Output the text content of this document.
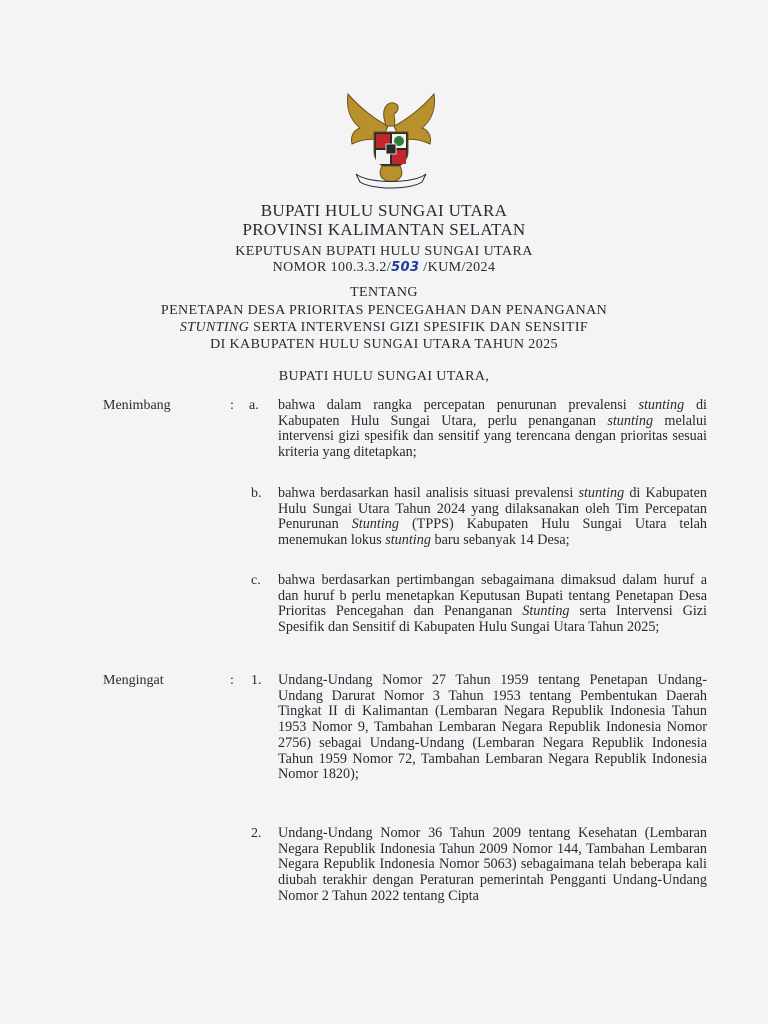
BUPATI HULU SUNGAI UTARA
PROVINSI KALIMANTAN SELATAN
KEPUTUSAN BUPATI HULU SUNGAI UTARA
NOMOR 100.3.3.2/503 /KUM/2024
TENTANG
PENETAPAN DESA PRIORITAS PENCEGAHAN DAN PENANGANAN
STUNTING SERTA INTERVENSI GIZI SPESIFIK DAN SENSITIF
DI KABUPATEN HULU SUNGAI UTARA TAHUN 2025
BUPATI HULU SUNGAI UTARA,
Menimbang	: a. bahwa dalam rangka percepatan penurunan prevalensi stunting di Kabupaten Hulu Sungai Utara, perlu penanganan stunting melalui intervensi gizi spesifik dan sensitif yang terencana dengan prioritas sesuai kriteria yang ditetapkan;
b. bahwa berdasarkan hasil analisis situasi prevalensi stunting di Kabupaten Hulu Sungai Utara Tahun 2024 yang dilaksanakan oleh Tim Percepatan Penurunan Stunting (TPPS) Kabupaten Hulu Sungai Utara telah menemukan lokus stunting baru sebanyak 14 Desa;
c. bahwa berdasarkan pertimbangan sebagaimana dimaksud dalam huruf a dan huruf b perlu menetapkan Keputusan Bupati tentang Penetapan Desa Prioritas Pencegahan dan Penanganan Stunting serta Intervensi Gizi Spesifik dan Sensitif di Kabupaten Hulu Sungai Utara Tahun 2025;
Mengingat	: 1. Undang-Undang Nomor 27 Tahun 1959 tentang Penetapan Undang-Undang Darurat Nomor 3 Tahun 1953 tentang Pembentukan Daerah Tingkat II di Kalimantan (Lembaran Negara Republik Indonesia Tahun 1953 Nomor 9, Tambahan Lembaran Negara Republik Indonesia Nomor 2756) sebagai Undang-Undang (Lembaran Negara Republik Indonesia Tahun 1959 Nomor 72, Tambahan Lembaran Negara Republik Indonesia Nomor 1820);
2. Undang-Undang Nomor 36 Tahun 2009 tentang Kesehatan (Lembaran Negara Republik Indonesia Tahun 2009 Nomor 144, Tambahan Lembaran Negara Republik Indonesia Nomor 5063) sebagaimana telah beberapa kali diubah terakhir dengan Peraturan pemerintah Pengganti Undang-Undang Nomor 2 Tahun 2022 tentang Cipta
